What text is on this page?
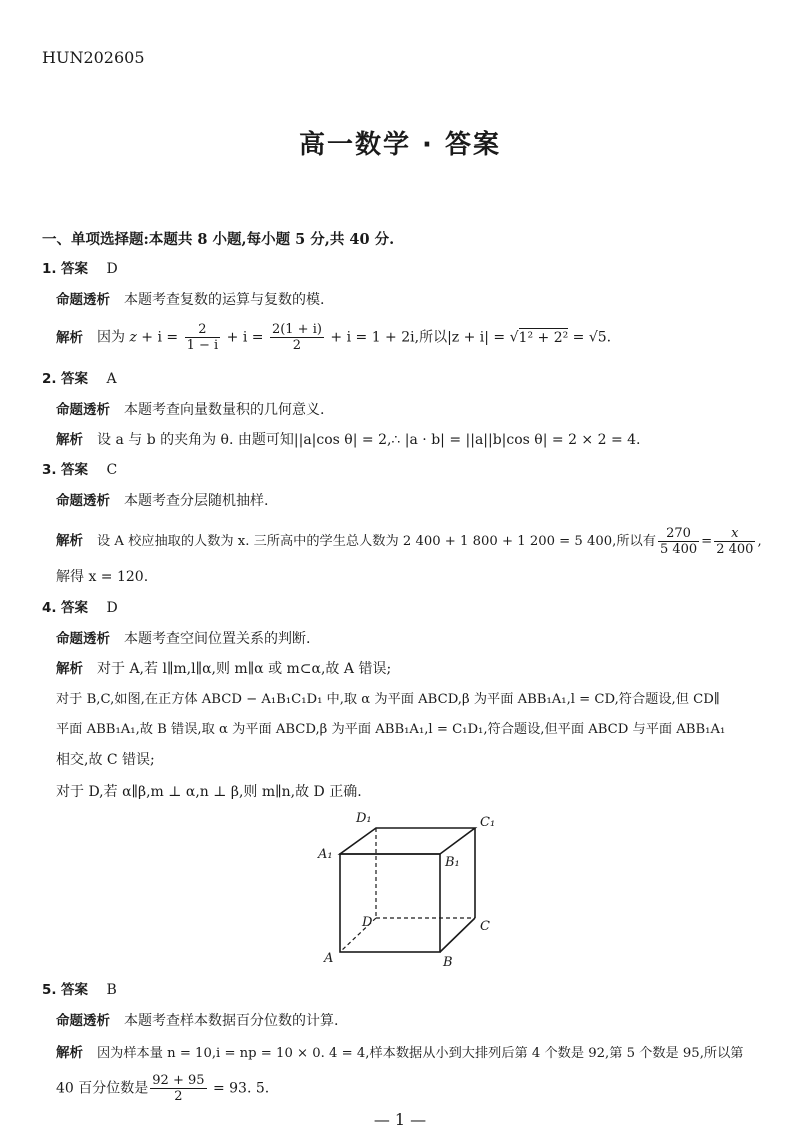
HUN202605
高一数学 · 答案
一、单项选择题:本题共 8 小题,每小题 5 分,共 40 分.
1. 答案 D
命题透析 本题考查复数的运算与复数的模.
解析 因为 $z + i = \frac{2}{1 - i} + i = \frac{2(1 + i)}{2} + i = 1 + 2i$,所以|z + i| = √1² + 2² = √5.
2. 答案 A
命题透析 本题考查向量数量积的几何意义.
解析 设 a 与 b 的夹角为 θ. 由题可知||a|cos θ| = 2,∴ |a · b| = ||a||b|cos θ| = 2 × 2 = 4.
3. 答案 C
命题透析 本题考查分层随机抽样.
解析 设 A 校应抽取的人数为 x. 三所高中的学生总人数为 2 400 + 1 800 + 1 200 = 5 400,所以有 $\frac{270}{5 400} = \frac{x}{2 400}$ ,
解得 x = 120.
4. 答案 D
命题透析 本题考查空间位置关系的判断.
解析 对于 A,若 l∥m,l∥α,则 m∥α 或 m⊂α,故 A 错误;
对于 B,C,如图,在正方体 ABCD − A₁B₁C₁D₁ 中,取 α 为平面 ABCD,β 为平面 ABB₁A₁,l = CD,符合题设,但 CD∥
平面 ABB₁A₁,故 B 错误,取 α 为平面 ABCD,β 为平面 ABB₁A₁,l = C₁D₁,符合题设,但平面 ABCD 与平面 ABB₁A₁
相交,故 C 错误;
对于 D,若 α∥β,m ⊥ α,n ⊥ β,则 m∥n,故 D 正确.
D₁	C₁
A₁
B₁
D	C
A	B
5. 答案 B
命题透析 本题考查样本数据百分位数的计算.
解析 因为样本量 n = 10,i = np = 10 × 0. 4 = 4,样本数据从小到大排列后第 4 个数是 92,第 5 个数是 95,所以第
40 百分位数是 $\frac{92 + 95}{2} = 93$. 5.
— 1 —
